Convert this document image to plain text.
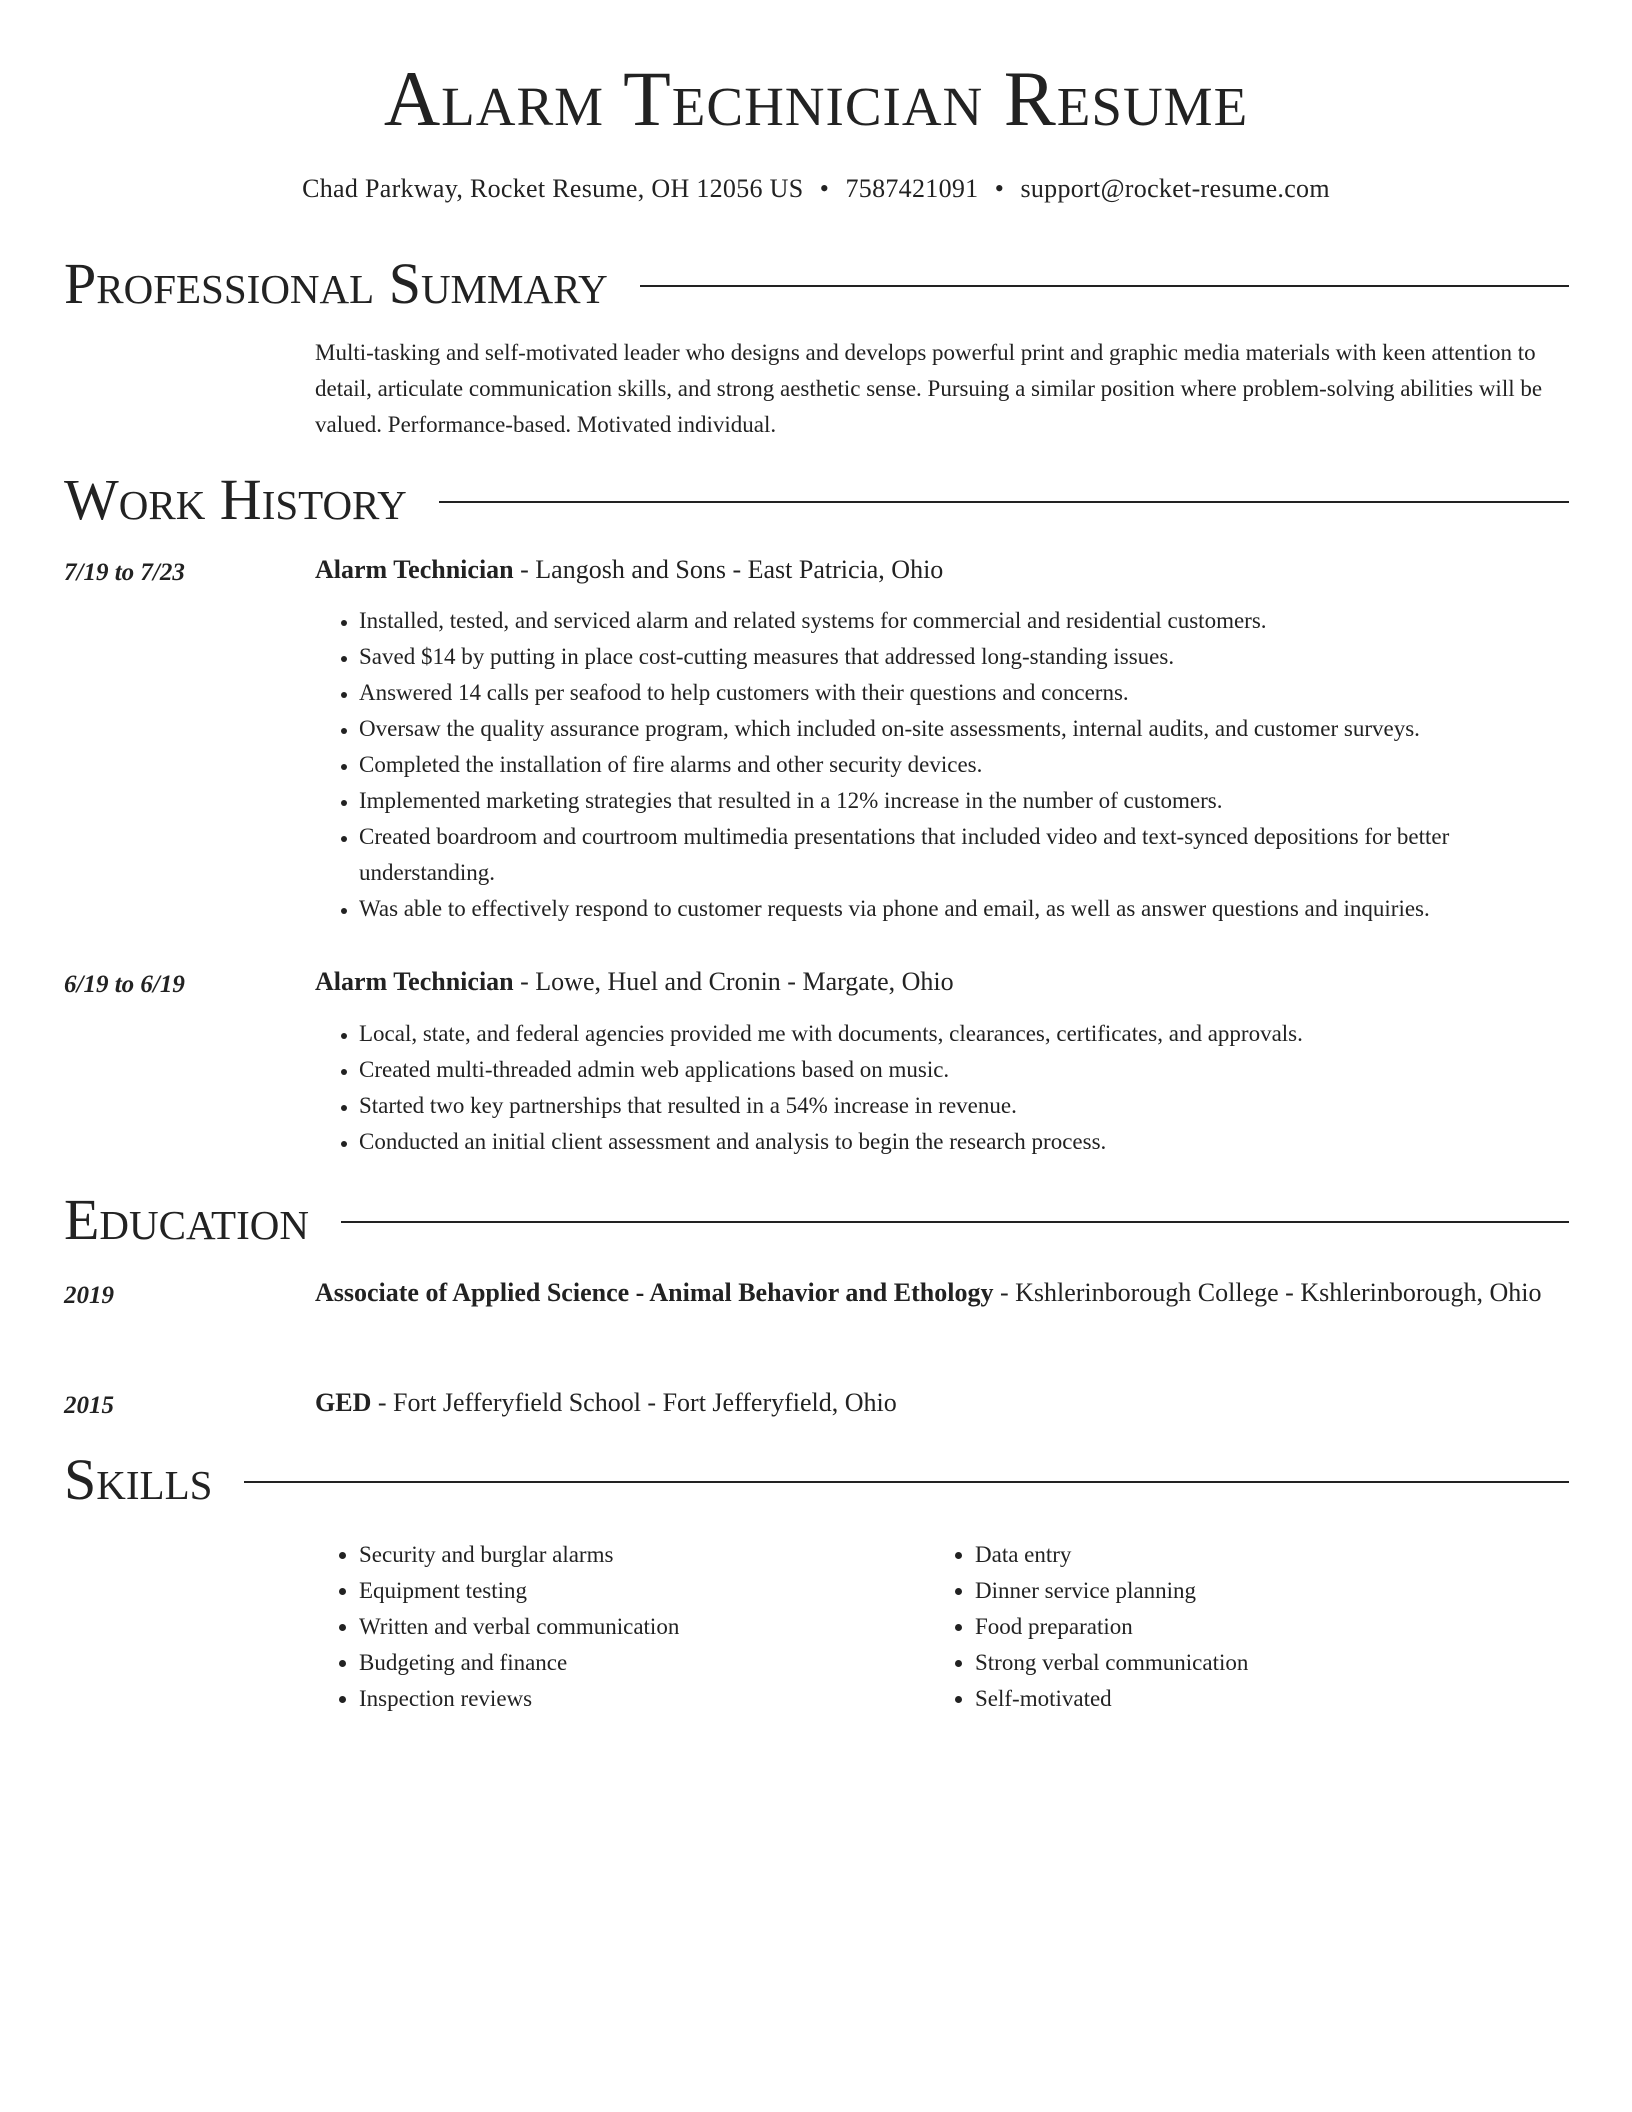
Alarm Technician Resume
Chad Parkway, Rocket Resume, OH 12056 US • 7587421091 • support@rocket-resume.com
Professional Summary
Multi-tasking and self-motivated leader who designs and develops powerful print and graphic media materials with keen attention to detail, articulate communication skills, and strong aesthetic sense. Pursuing a similar position where problem-solving abilities will be valued. Performance-based. Motivated individual.
Work History
7/19 to 7/23	Alarm Technician - Langosh and Sons - East Patricia, Ohio
• Installed, tested, and serviced alarm and related systems for commercial and residential customers.
• Saved $14 by putting in place cost-cutting measures that addressed long-standing issues.
• Answered 14 calls per seafood to help customers with their questions and concerns.
• Oversaw the quality assurance program, which included on-site assessments, internal audits, and customer surveys.
• Completed the installation of fire alarms and other security devices.
• Implemented marketing strategies that resulted in a 12% increase in the number of customers.
• Created boardroom and courtroom multimedia presentations that included video and text-synced depositions for better understanding.
• Was able to effectively respond to customer requests via phone and email, as well as answer questions and inquiries.
6/19 to 6/19	Alarm Technician - Lowe, Huel and Cronin - Margate, Ohio
• Local, state, and federal agencies provided me with documents, clearances, certificates, and approvals.
• Created multi-threaded admin web applications based on music.
• Started two key partnerships that resulted in a 54% increase in revenue.
• Conducted an initial client assessment and analysis to begin the research process.
Education
2019	Associate of Applied Science - Animal Behavior and Ethology - Kshlerinborough College - Kshlerinborough, Ohio
2015	GED - Fort Jefferyfield School - Fort Jefferyfield, Ohio
Skills
• Security and burglar alarms
• Equipment testing
• Written and verbal communication
• Budgeting and finance
• Inspection reviews
• Data entry
• Dinner service planning
• Food preparation
• Strong verbal communication
• Self-motivated
